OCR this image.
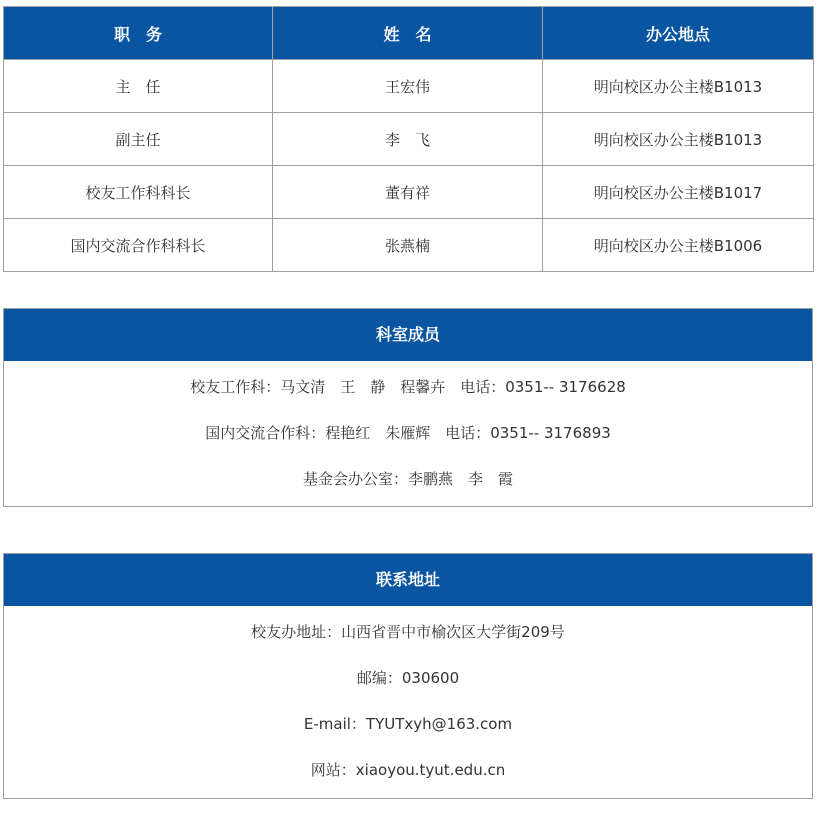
职　务	姓　名	办公地点
主　任	王宏伟	明向校区办公主楼B1013
副主任	李　飞	明向校区办公主楼B1013
校友工作科科长	董有祥	明向校区办公主楼B1017
国内交流合作科科长	张燕楠	明向校区办公主楼B1006
科室成员
校友工作科：马文清　王　静　程馨卉　电话：0351-- 3176628
国内交流合作科：程艳红　朱雁辉　电话：0351-- 3176893
基金会办公室：李鹏燕　李　霞
联系地址
校友办地址：山西省晋中市榆次区大学街209号
邮编：030600
E-mail：TYUTxyh@163.com
网站：xiaoyou.tyut.edu.cn
